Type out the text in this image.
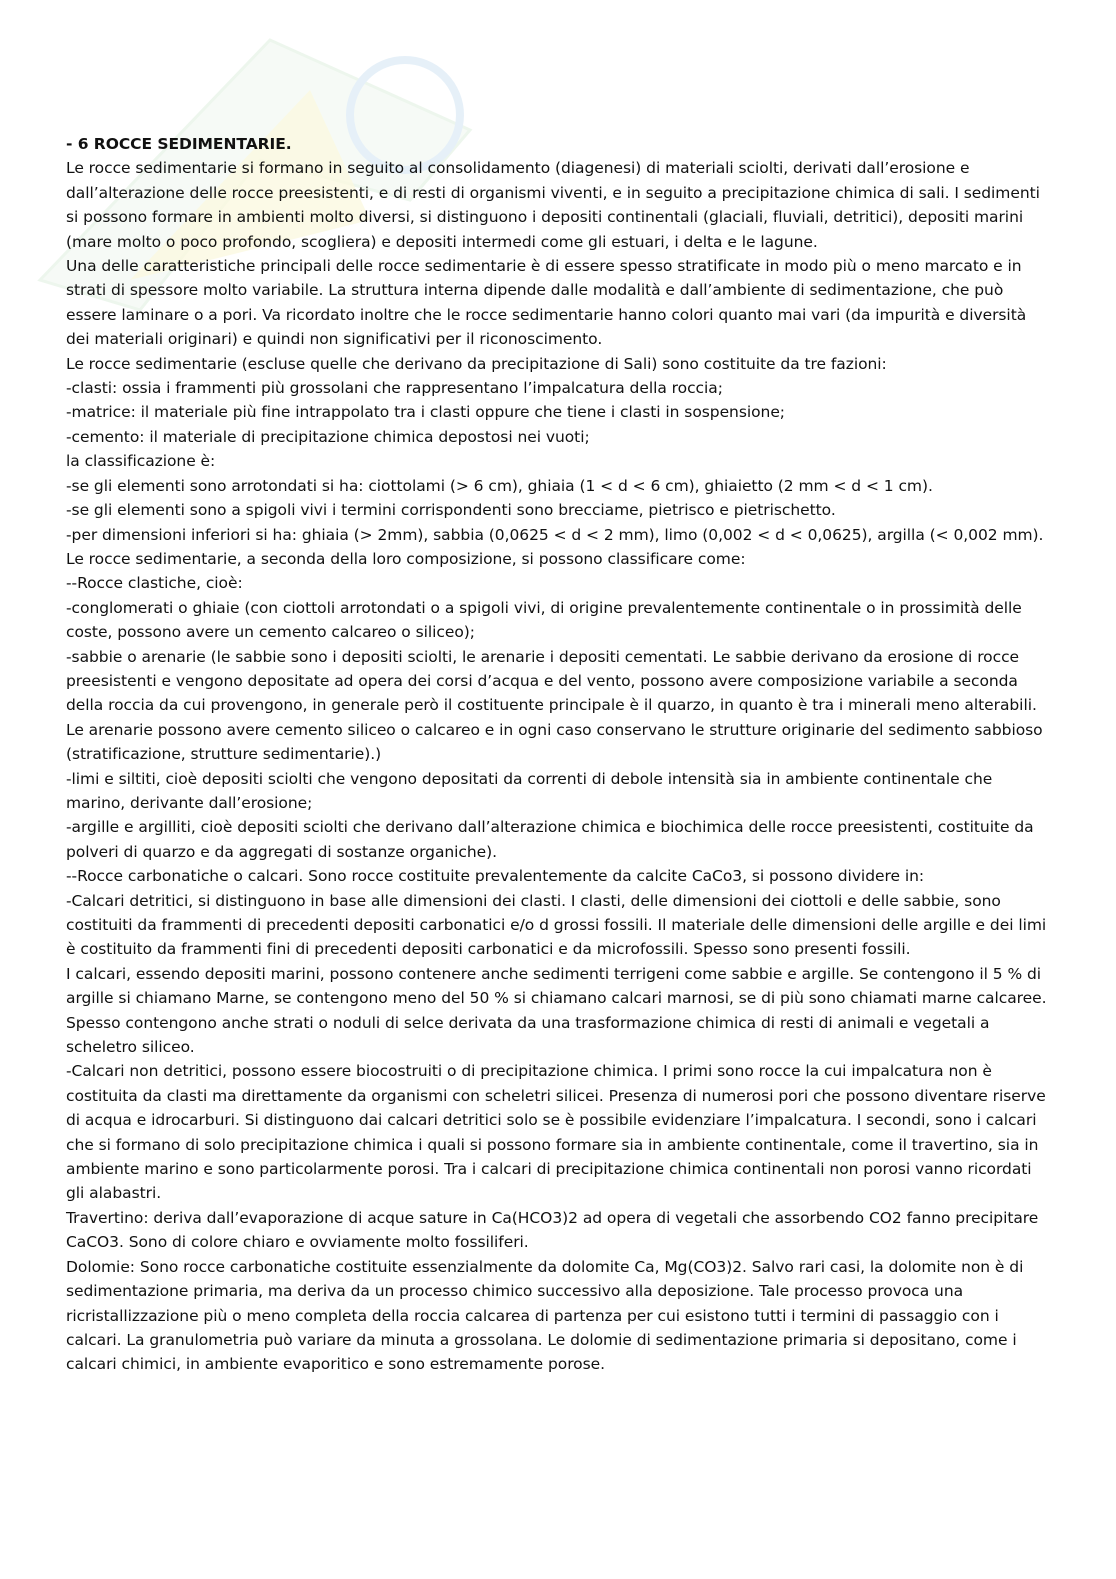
- 6 ROCCE SEDIMENTARIE.

Le rocce sedimentarie si formano in seguito al consolidamento (diagenesi) di materiali sciolti, derivati dall’erosione e dall’alterazione delle rocce preesistenti, e di resti di organismi viventi, e in seguito a precipitazione chimica di sali. I sedimenti si possono formare in ambienti molto diversi, si distinguono i depositi continentali (glaciali, fluviali, detritici), depositi marini (mare molto o poco profondo, scogliera) e depositi intermedi come gli estuari, i delta e le lagune.

Una delle caratteristiche principali delle rocce sedimentarie è di essere spesso stratificate in modo più o meno marcato e in strati di spessore molto variabile. La struttura interna dipende dalle modalità e dall’ambiente di sedimentazione, che può essere laminare o a pori. Va ricordato inoltre che le rocce sedimentarie hanno colori quanto mai vari (da impurità e diversità dei materiali originari) e quindi non significativi per il riconoscimento.

Le rocce sedimentarie (escluse quelle che derivano da precipitazione di Sali) sono costituite da tre fazioni:

-clasti: ossia i frammenti più grossolani che rappresentano l’impalcatura della roccia;

-matrice: il materiale più fine intrappolato tra i clasti oppure che tiene i clasti in sospensione;

-cemento: il materiale di precipitazione chimica depostosi nei vuoti;

la classificazione è:

-se gli elementi sono arrotondati si ha: ciottolami (> 6 cm), ghiaia (1 < d < 6 cm), ghiaietto (2 mm < d < 1 cm).

-se gli elementi sono a spigoli vivi i termini corrispondenti sono brecciame, pietrisco e pietrischetto.

-per dimensioni inferiori si ha: ghiaia (> 2mm), sabbia (0,0625 < d < 2 mm), limo (0,002 < d < 0,0625), argilla (< 0,002 mm).

Le rocce sedimentarie, a seconda della loro composizione, si possono classificare come:

--Rocce clastiche, cioè:

-conglomerati o ghiaie (con ciottoli arrotondati o a spigoli vivi, di origine prevalentemente continentale o in prossimità delle coste, possono avere un cemento calcareo o siliceo);

-sabbie o arenarie (le sabbie sono i depositi sciolti, le arenarie i depositi cementati. Le sabbie derivano da erosione di rocce preesistenti e vengono depositate ad opera dei corsi d’acqua e del vento, possono avere composizione variabile a seconda della roccia da cui provengono, in generale però il costituente principale è il quarzo, in quanto è tra i minerali meno alterabili. Le arenarie possono avere cemento siliceo o calcareo e in ogni caso conservano le strutture originarie del sedimento sabbioso (stratificazione, strutture sedimentarie).)

-limi e siltiti, cioè depositi sciolti che vengono depositati da correnti di debole intensità sia in ambiente continentale che marino, derivante dall’erosione;

-argille e argilliti, cioè depositi sciolti che derivano dall’alterazione chimica e biochimica delle rocce preesistenti, costituite da polveri di quarzo e da aggregati di sostanze organiche).

--Rocce carbonatiche o calcari. Sono rocce costituite prevalentemente da calcite CaCo3, si possono dividere in:

-Calcari detritici, si distinguono in base alle dimensioni dei clasti. I clasti, delle dimensioni dei ciottoli e delle sabbie, sono costituiti da frammenti di precedenti depositi carbonatici e/o d grossi fossili. Il materiale delle dimensioni delle argille e dei limi è costituito da frammenti fini di precedenti depositi carbonatici e da microfossili. Spesso sono presenti fossili.

I calcari, essendo depositi marini, possono contenere anche sedimenti terrigeni come sabbie e argille. Se contengono il 5 % di argille si chiamano Marne, se contengono meno del 50 % si chiamano calcari marnosi, se di più sono chiamati marne calcaree.

Spesso contengono anche strati o noduli di selce derivata da una trasformazione chimica di resti di animali e vegetali a scheletro siliceo.

-Calcari non detritici, possono essere biocostruiti o di precipitazione chimica. I primi sono rocce la cui impalcatura non è costituita da clasti ma direttamente da organismi con scheletri silicei. Presenza di numerosi pori che possono diventare riserve di acqua e idrocarburi. Si distinguono dai calcari detritici solo se è possibile evidenziare l’impalcatura. I secondi, sono i calcari che si formano di solo precipitazione chimica i quali si possono formare sia in ambiente continentale, come il travertino, sia in ambiente marino e sono particolarmente porosi. Tra i calcari di precipitazione chimica continentali non porosi vanno ricordati gli alabastri.

Travertino: deriva dall’evaporazione di acque sature in Ca(HCO3)2 ad opera di vegetali che assorbendo CO2 fanno precipitare CaCO3. Sono di colore chiaro e ovviamente molto fossiliferi.

Dolomie: Sono rocce carbonatiche costituite essenzialmente da dolomite Ca, Mg(CO3)2. Salvo rari casi, la dolomite non è di sedimentazione primaria, ma deriva da un processo chimico successivo alla deposizione. Tale processo provoca una ricristallizzazione più o meno completa della roccia calcarea di partenza per cui esistono tutti i termini di passaggio con i calcari. La granulometria può variare da minuta a grossolana. Le dolomie di sedimentazione primaria si depositano, come i calcari chimici, in ambiente evaporitico e sono estremamente porose.
